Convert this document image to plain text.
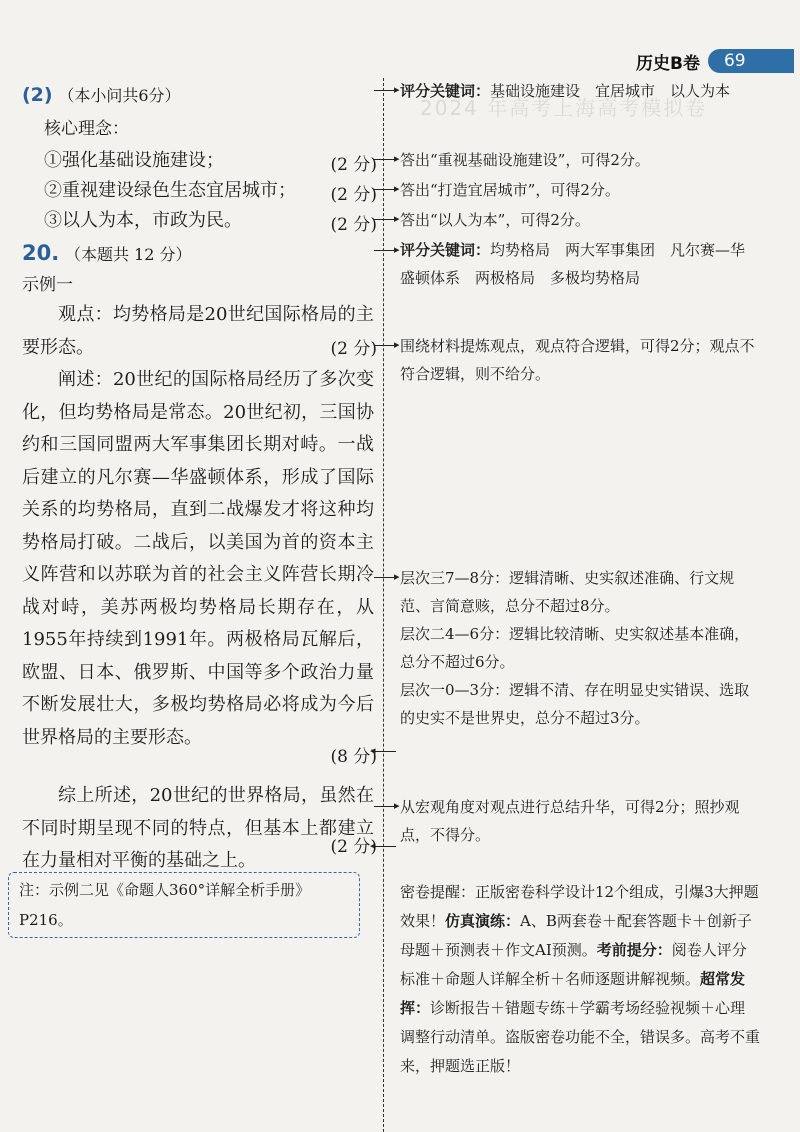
2024 年高考上海高考模拟卷
历史B卷	69
▸
▸
▸
▸
▸
▸
▸
◂
▸
◂
(2) （本小问共6分）
核心理念：
①强化基础设施建设；	(2 分)
②重视建设绿色生态宜居城市； (2 分)
③以人为本，市政为民。	(2 分)
20. （本题共 12 分）
示例一
观点：均势格局是20世纪国际格局的主要形态。	(2 分)
阐述：20世纪的国际格局经历了多次变化，但均势格局是常态。20世纪初，三国协约和三国同盟两大军事集团长期对峙。一战后建立的凡尔赛—华盛顿体系，形成了国际关系的均势格局，直到二战爆发才将这种均势格局打破。二战后，以美国为首的资本主义阵营和以苏联为首的社会主义阵营长期冷战对峙，美苏两极均势格局长期存在，从1955年持续到1991年。两极格局瓦解后，欧盟、日本、俄罗斯、中国等多个政治力量不断发展壮大，多极均势格局必将成为今后世界格局的主要形态。
(8 分)
综上所述，20世纪的世界格局，虽然在不同时期呈现不同的特点，但基本上都建立在力量相对平衡的基础之上。
(2 分)
注：示例二见《命题人360°详解全析手册》P216。
评分关键词：基础设施建设　宜居城市　以人为本
答出“重视基础设施建设”，可得2分。
答出“打造宜居城市”，可得2分。
答出“以人为本”，可得2分。
评分关键词：均势格局　两大军事集团　凡尔赛—华盛顿体系　两极格局　多极均势格局
围绕材料提炼观点，观点符合逻辑，可得2分；观点不符合逻辑，则不给分。
层次三7—8分：逻辑清晰、史实叙述准确、行文规范、言简意赅，总分不超过8分。
层次二4—6分：逻辑比较清晰、史实叙述基本准确，总分不超过6分。
层次一0—3分：逻辑不清、存在明显史实错误、选取的史实不是世界史，总分不超过3分。
从宏观角度对观点进行总结升华，可得2分；照抄观点，不得分。
密卷提醒：正版密卷科学设计12个组成，引爆3大押题效果！仿真演练：A、B两套卷＋配套答题卡＋创新子母题＋预测表＋作文AI预测。考前提分：阅卷人评分标准＋命题人详解全析＋名师逐题讲解视频。超常发挥：诊断报告＋错题专练＋学霸考场经验视频＋心理调整行动清单。盗版密卷功能不全，错误多。高考不重来，押题选正版！
